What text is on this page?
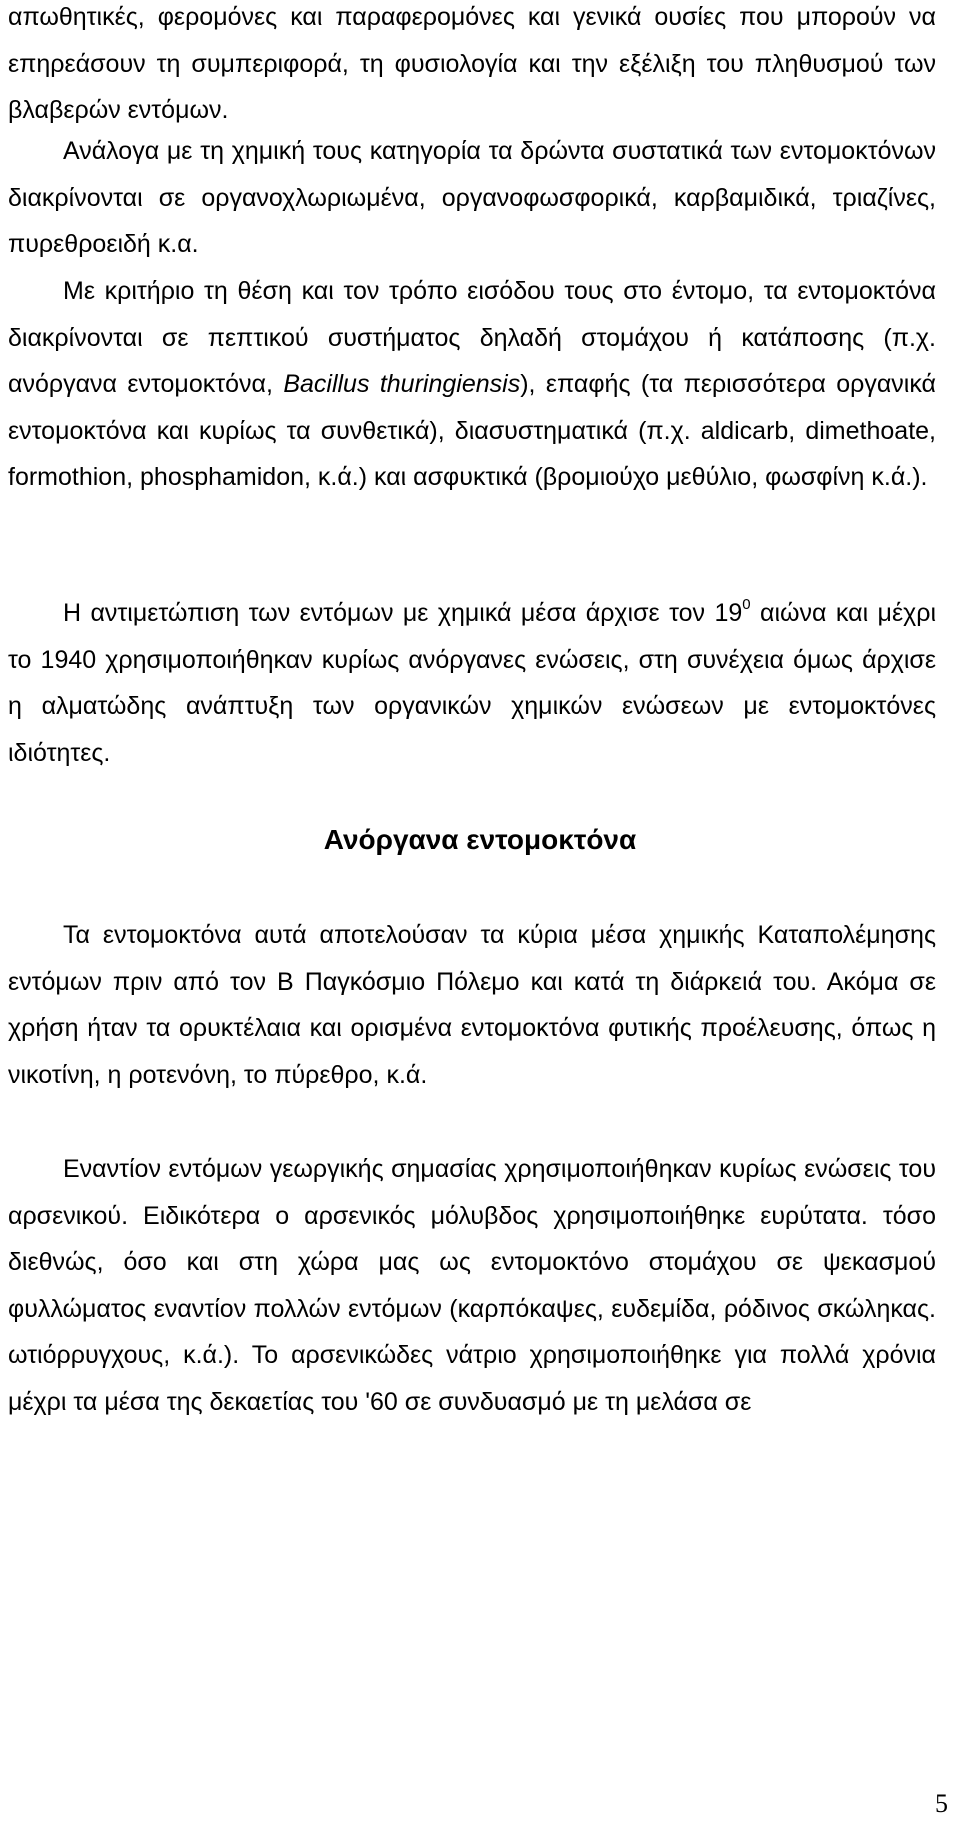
απωθητικές, φερομόνες και παραφερομόνες και γενικά ουσίες που μπορούν να επηρεάσουν τη συμπεριφορά, τη φυσιολογία και την εξέλιξη του πληθυσμού των βλαβερών εντόμων.

Ανάλογα με τη χημική τους κατηγορία τα δρώντα συστατικά των εντομοκτόνων διακρίνονται σε οργανοχλωριωμένα, οργανοφωσφορικά, καρβαμιδικά, τριαζίνες, πυρεθροειδή κ.α.

Με κριτήριο τη θέση και τον τρόπο εισόδου τους στο έντομο, τα εντομοκτόνα διακρίνονται σε πεπτικού συστήματος δηλαδή στομάχου ή κατάποσης (π.χ. ανόργανα εντομοκτόνα, Bacillus thuringiensis), επαφής (τα περισσότερα οργανικά εντομοκτόνα και κυρίως τα συνθετικά), διασυστηματικά (π.χ. aldicarb, dimethoate, formothion, phosphamidon, κ.ά.) και ασφυκτικά (βρομιούχο μεθύλιο, φωσφίνη κ.ά.).

Η αντιμετώπιση των εντόμων με χημικά μέσα άρχισε τον $19^0$ αιώνα και μέχρι το 1940 χρησιμοποιήθηκαν κυρίως ανόργανες ενώσεις, στη συνέχεια όμως άρχισε η αλματώδης ανάπτυξη των οργανικών χημικών ενώσεων με εντομοκτόνες ιδιότητες.

Ανόργανα εντομοκτόνα

Τα εντομοκτόνα αυτά αποτελούσαν τα κύρια μέσα χημικής Καταπολέμησης εντόμων πριν από τον Β Παγκόσμιο Πόλεμο και κατά τη διάρκειά του. Ακόμα σε χρήση ήταν τα ορυκτέλαια και ορισμένα εντομοκτόνα φυτικής προέλευσης, όπως η νικοτίνη, η ροτενόνη, το πύρεθρο, κ.ά.

Εναντίον εντόμων γεωργικής σημασίας χρησιμοποιήθηκαν κυρίως ενώσεις του αρσενικού. Ειδικότερα ο αρσενικός μόλυβδος χρησιμοποιήθηκε ευρύτατα. τόσο διεθνώς, όσο και στη χώρα μας ως εντομοκτόνο στομάχου σε ψεκασμού φυλλώματος εναντίον πολλών εντόμων (καρπόκαψες, ευδεμίδα, ρόδινος σκώληκας. ωτιόρρυγχους, κ.ά.). Το αρσενικώδες νάτριο χρησιμοποιήθηκε για πολλά χρόνια μέχρι τα μέσα της δεκαετίας του '60 σε συνδυασμό με τη μελάσα σε

5
